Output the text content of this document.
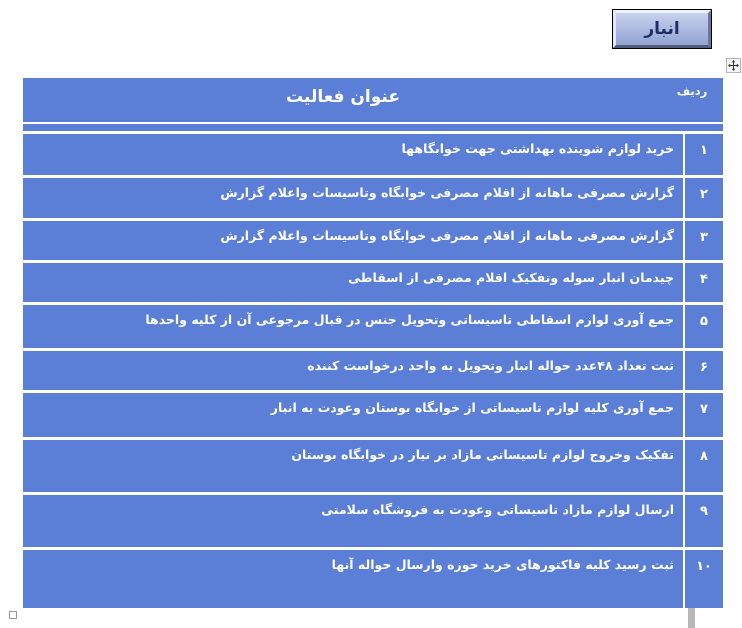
انبار
ردیف
عنوان فعالیت
۱
خرید لوازم شوینده بهداشتی جهت خوابگاهها
۲
گزارش مصرفی ماهانه از اقلام مصرفی خوابگاه وتاسیسات واعلام گزارش
۳
گزارش مصرفی ماهانه از اقلام مصرفی خوابگاه وتاسیسات واعلام گزارش
۴
چیدمان انبار سوله وتفکیک اقلام مصرفی از اسقاطی
۵
جمع آوری لوازم اسقاطی تاسیساتی وتحویل جنس در قبال مرجوعی آن از کلیه واحدها
۶
ثبت تعداد ۴۸عدد حواله انبار وتحویل به واحد درخواست کننده
۷
جمع آوری کلیه لوازم تاسیساتی از خوابگاه بوستان وعودت به انبار
۸
تفکیک وخروج لوازم تاسیساتی مازاد بر نیاز در خوابگاه بوستان
۹
ارسال لوازم مازاد تاسیساتی وعودت به فروشگاه سلامتی
۱۰
ثبت رسید کلیه فاکتورهای خرید حوزه وارسال حواله آنها
